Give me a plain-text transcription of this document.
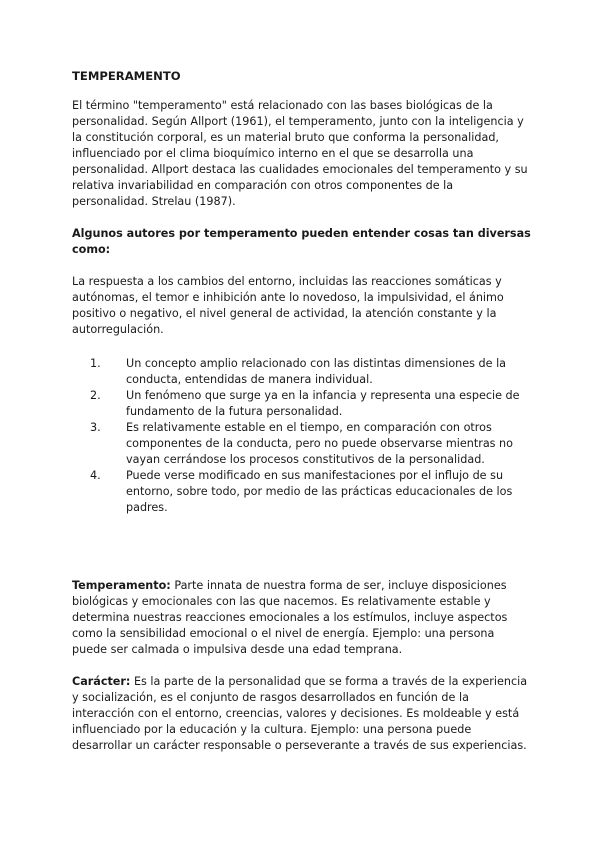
TEMPERAMENTO

El término "temperamento" está relacionado con las bases biológicas de la personalidad. Según Allport (1961), el temperamento, junto con la inteligencia y la constitución corporal, es un material bruto que conforma la personalidad, influenciado por el clima bioquímico interno en el que se desarrolla una personalidad. Allport destaca las cualidades emocionales del temperamento y su relativa invariabilidad en comparación con otros componentes de la personalidad. Strelau (1987).

Algunos autores por temperamento pueden entender cosas tan diversas como:

La respuesta a los cambios del entorno, incluidas las reacciones somáticas y autónomas, el temor e inhibición ante lo novedoso, la impulsividad, el ánimo positivo o negativo, el nivel general de actividad, la atención constante y la autorregulación.

1. Un concepto amplio relacionado con las distintas dimensiones de la conducta, entendidas de manera individual.
2. Un fenómeno que surge ya en la infancia y representa una especie de fundamento de la futura personalidad.
3. Es relativamente estable en el tiempo, en comparación con otros componentes de la conducta, pero no puede observarse mientras no vayan cerrándose los procesos constitutivos de la personalidad.
4. Puede verse modificado en sus manifestaciones por el influjo de su entorno, sobre todo, por medio de las prácticas educacionales de los padres.

Temperamento: Parte innata de nuestra forma de ser, incluye disposiciones biológicas y emocionales con las que nacemos. Es relativamente estable y determina nuestras reacciones emocionales a los estímulos, incluye aspectos como la sensibilidad emocional o el nivel de energía. Ejemplo: una persona puede ser calmada o impulsiva desde una edad temprana.

Carácter: Es la parte de la personalidad que se forma a través de la experiencia y socialización, es el conjunto de rasgos desarrollados en función de la interacción con el entorno, creencias, valores y decisiones. Es moldeable y está influenciado por la educación y la cultura. Ejemplo: una persona puede desarrollar un carácter responsable o perseverante a través de sus experiencias.
